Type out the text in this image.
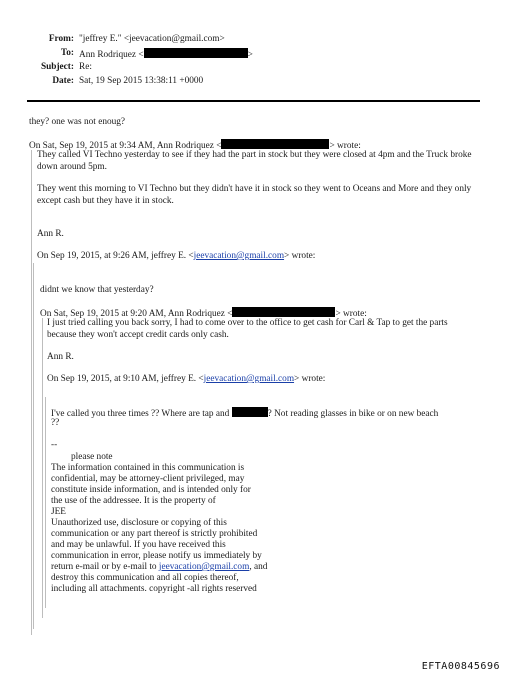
From: "jeffrey E." <jeevacation@gmail.com>
To: Ann Rodriquez <	>
Subject: Re:
Date: Sat, 19 Sep 2015 13:38:11 +0000
they? one was not enoug?
On Sat, Sep 19, 2015 at 9:34 AM, Ann Rodriquez <	> wrote:
They called VI Techno yesterday to see if they had the part in stock but they were closed at 4pm and the Truck broke down around 5pm.
They went this morning to VI Techno but they didn't have it in stock so they went to Oceans and More and they only except cash but they have it in stock.
Ann R.
On Sep 19, 2015, at 9:26 AM, jeffrey E. <jeevacation@gmail.com> wrote:
didnt we know that yesterday?
On Sat, Sep 19, 2015 at 9:20 AM, Ann Rodriquez <	> wrote:
I just tried calling you back sorry, I had to come over to the office to get cash for Carl & Tap to get the parts because they won't accept credit cards only cash.
Ann R.
On Sep 19, 2015, at 9:10 AM, jeffrey E. <jeevacation@gmail.com> wrote:
I've called you three times ?? Where are tap and	? Not reading glasses in bike or on new beach
??
--
please note
The information contained in this communication is
confidential, may be attorney-client privileged, may
constitute inside information, and is intended only for
the use of the addressee. It is the property of
JEE
Unauthorized use, disclosure or copying of this
communication or any part thereof is strictly prohibited
and may be unlawful. If you have received this
communication in error, please notify us immediately by
return e-mail or by e-mail to jeevacation@gmail.com, and
destroy this communication and all copies thereof,
including all attachments. copyright -all rights reserved
EFTA00845696
